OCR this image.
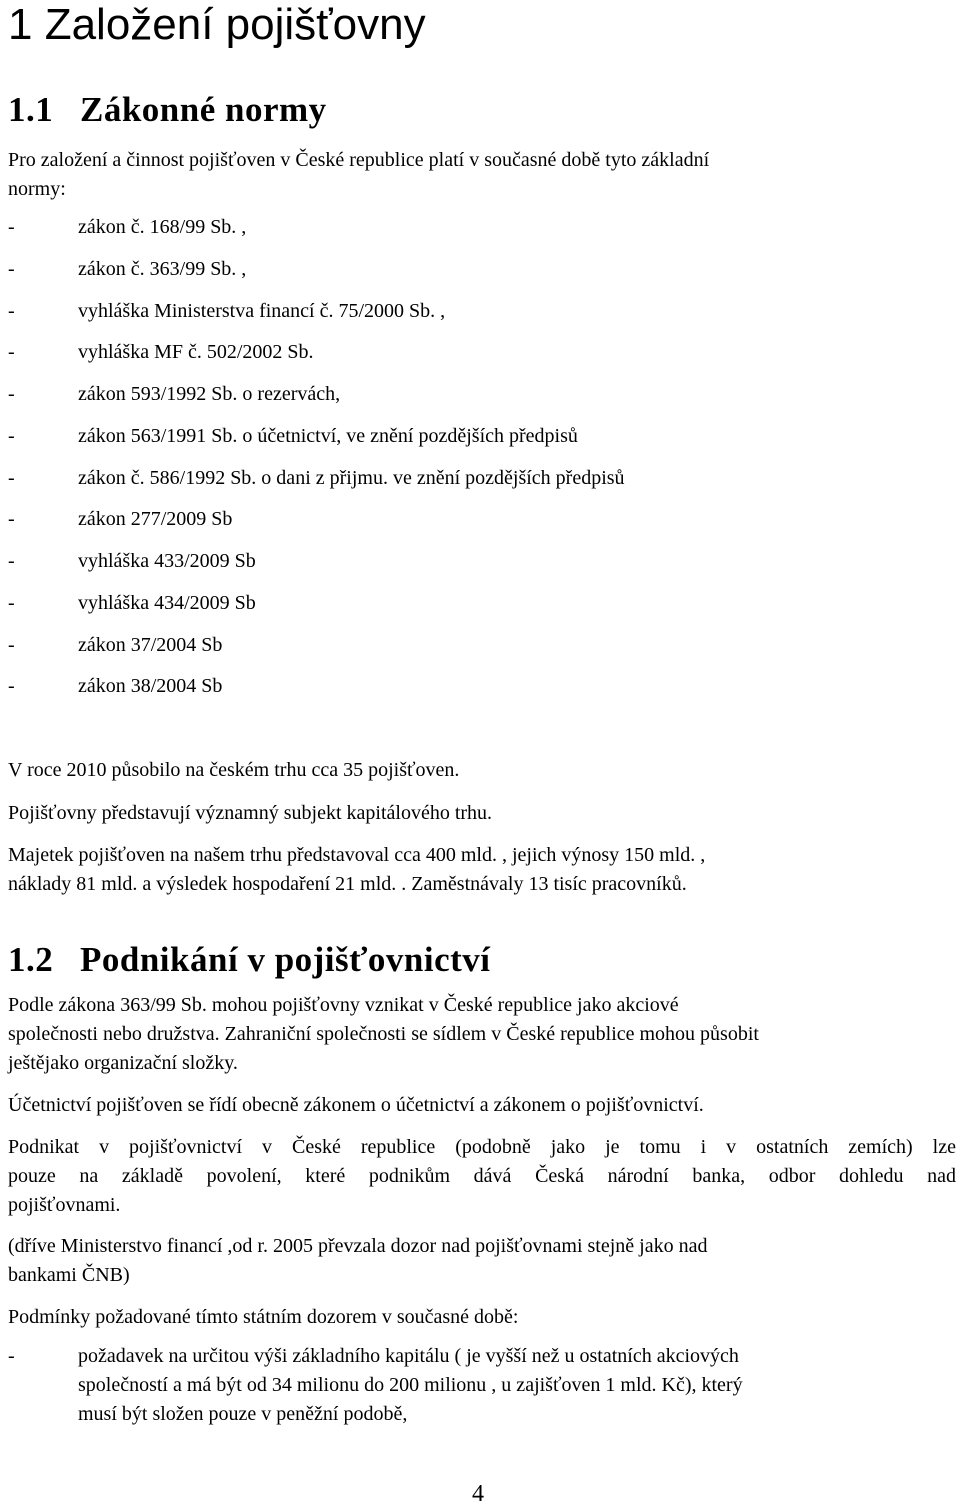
1 Založení pojišťovny
1.1 Zákonné normy
Pro založení a činnost pojišťoven v České republice platí v současné době tyto základní
normy:
-	zákon č. 168/99 Sb. ,
-	zákon č. 363/99 Sb. ,
-	vyhláška Ministerstva financí č. 75/2000 Sb. ,
-	vyhláška MF č. 502/2002 Sb.
-	zákon 593/1992 Sb. o rezervách,
-	zákon 563/1991 Sb. o účetnictví, ve znění pozdějších předpisů
-	zákon č. 586/1992 Sb. o dani z přijmu. ve znění pozdějších předpisů
-	zákon 277/2009 Sb
-	vyhláška 433/2009 Sb
-	vyhláška 434/2009 Sb
-	zákon 37/2004 Sb
-	zákon 38/2004 Sb
V roce 2010 působilo na českém trhu cca 35 pojišťoven.
Pojišťovny představují významný subjekt kapitálového trhu.
Majetek pojišťoven na našem trhu představoval cca 400 mld. , jejich výnosy 150 mld. ,
náklady 81 mld. a výsledek hospodaření 21 mld. . Zaměstnávaly 13 tisíc pracovníků.
1.2 Podnikání v pojišťovnictví
Podle zákona 363/99 Sb. mohou pojišťovny vznikat v České republice jako akciové
společnosti nebo družstva. Zahraniční společnosti se sídlem v České republice mohou působit
ještějako organizační složky.
Účetnictví pojišťoven se řídí obecně zákonem o účetnictví a zákonem o pojišťovnictví.
Podnikat v pojišťovnictví v České republice (podobně jako je tomu i v ostatních zemích) lze
pouze na základě povolení, které podnikům dává Česká národní banka, odbor dohledu nad
pojišťovnami.
(dříve Ministerstvo financí ,od r. 2005 převzala dozor nad pojišťovnami stejně jako nad
bankami ČNB)
Podmínky požadované tímto státním dozorem v současné době:
-	požadavek na určitou výši základního kapitálu ( je vyšší než u ostatních akciových
společností a má být od 34 milionu do 200 milionu , u zajišťoven 1 mld. Kč), který
musí být složen pouze v peněžní podobě,
4
